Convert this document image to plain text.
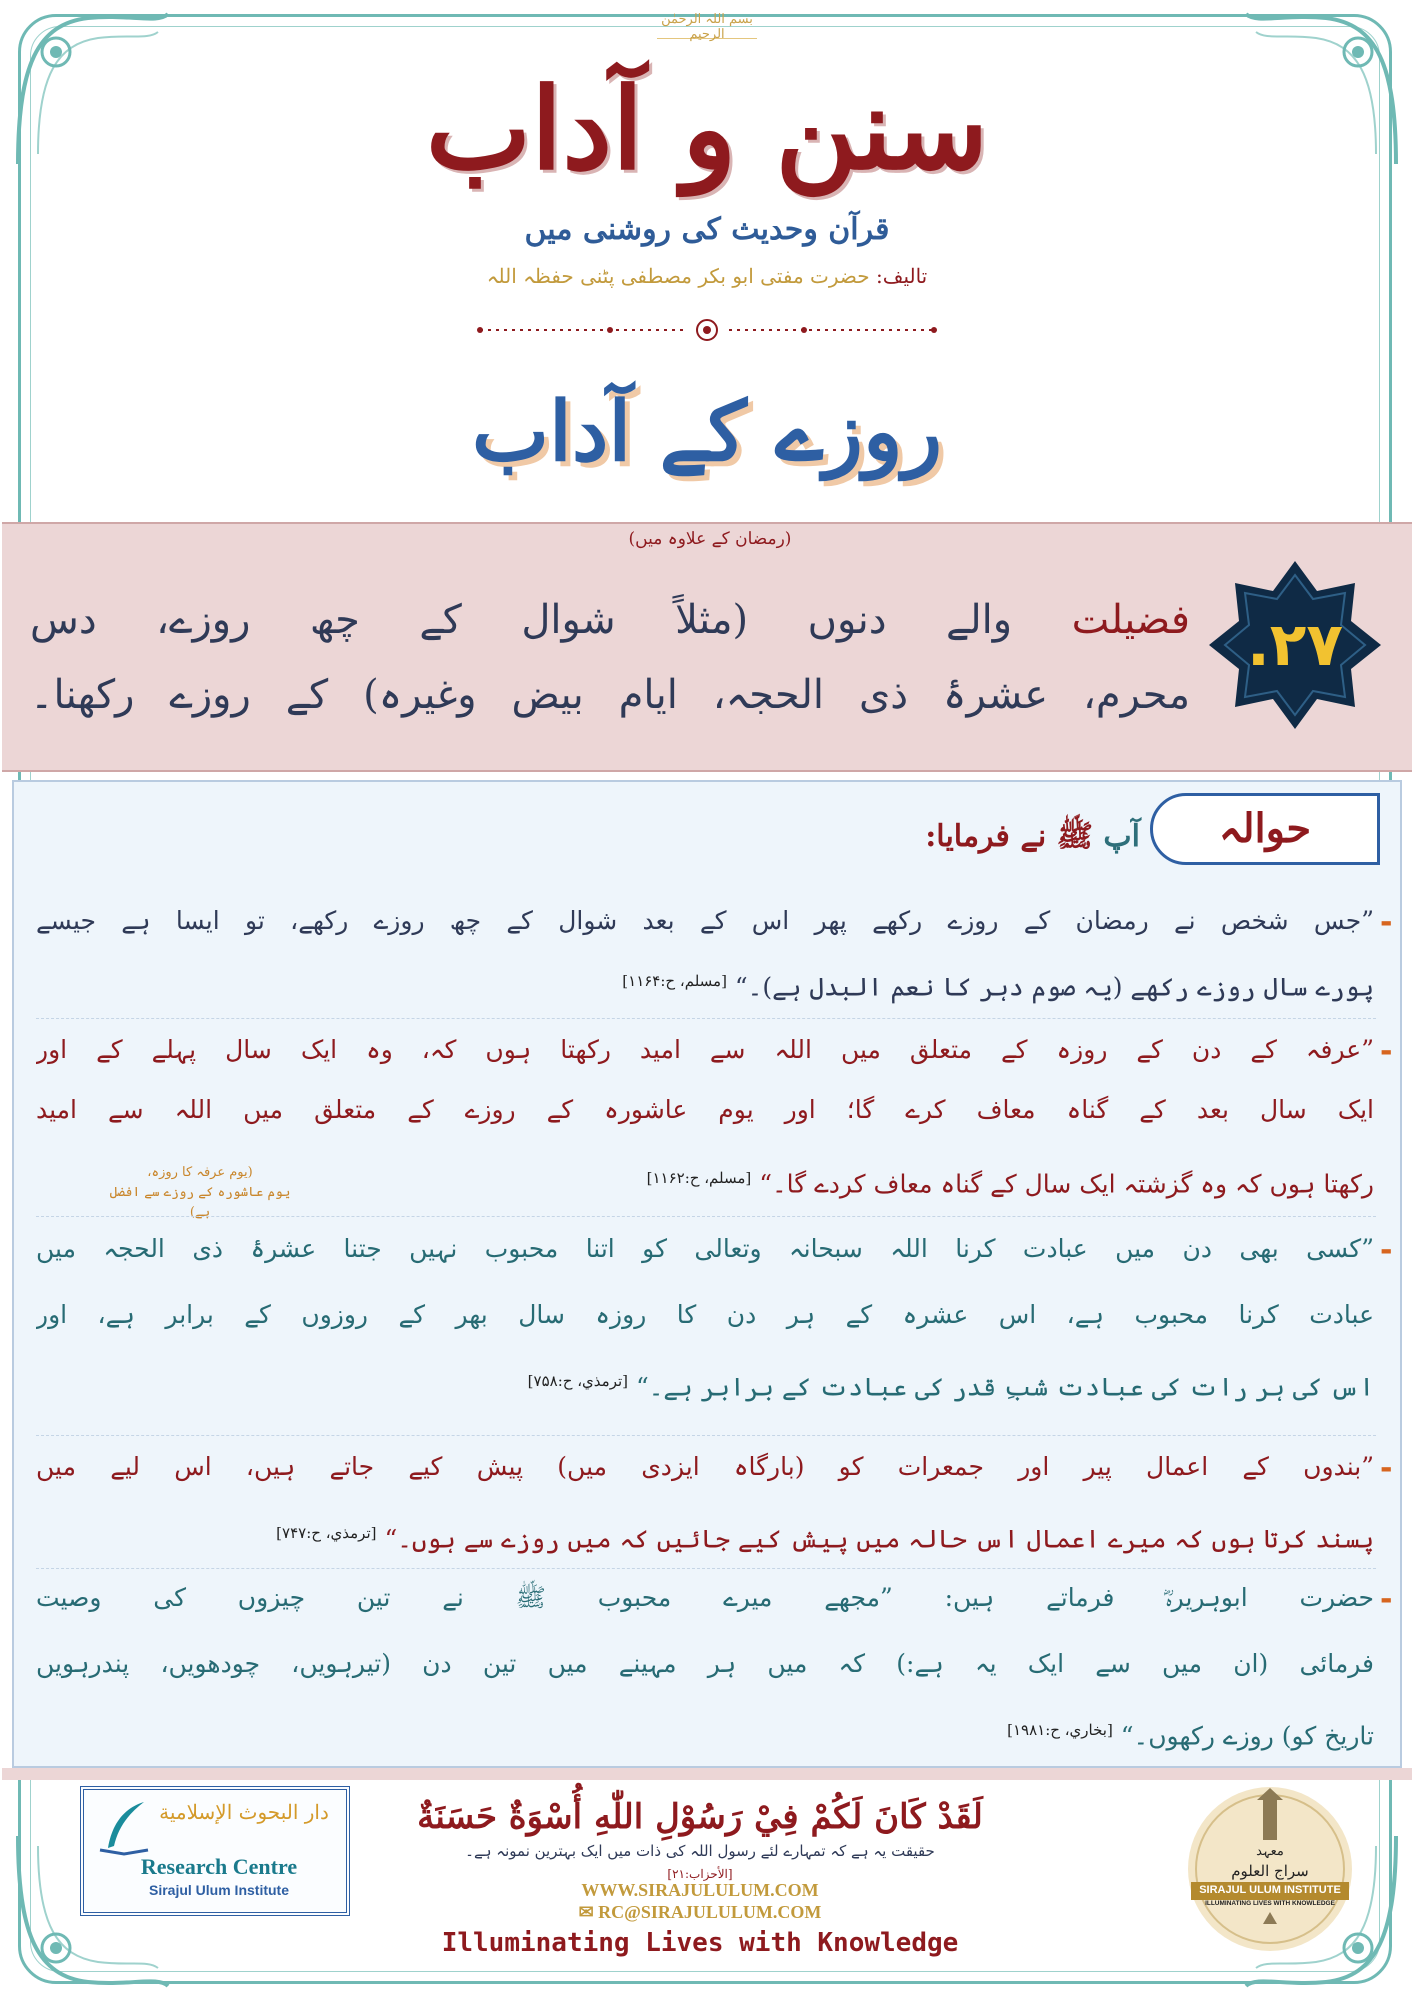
بسم اللہ الرحمٰن الرحیم
سنن و آداب
قرآن وحدیث کی روشنی میں
تالیف: حضرت مفتی ابو بکر مصطفی پٹنی حفظہ اللہ
روزے کے آداب
(رمضان کے علاوہ میں)
۲۷.
فضیلت والے دنوں (مثلاً شوال کے چھ روزے، دس
محرم، عشرۂ ذی الحجہ، ایام بیض وغیرہ) کے روزے رکھنا۔
حوالہ
آپ ﷺ نے فرمایا:
-
”جس شخص نے رمضان کے روزے رکھے پھر اس کے بعد شوال کے چھ روزے رکھے، تو ایسا ہے جیسے
پورے سال روزے رکھے (یہ صوم دہر کا نعم البدل ہے)۔“ [مسلم، ح:۱۱۶۴]
-
”عرفہ کے دن کے روزہ کے متعلق میں اللہ سے امید رکھتا ہوں کہ، وہ ایک سال پہلے کے اور
ایک سال بعد کے گناہ معاف کرے گا؛ اور یوم عاشورہ کے روزے کے متعلق میں اللہ سے امید
رکھتا ہوں کہ وہ گزشتہ ایک سال کے گناہ معاف کردے گا۔“ [مسلم، ح:۱۱۶۲]
(یوم عرفہ کا روزہ،
یوم عاشورہ کے روزے سے افضل ہے)
-
”کسی بھی دن میں عبادت کرنا اللہ سبحانہ وتعالی کو اتنا محبوب نہیں جتنا عشرۂ ذی الحجہ میں
عبادت کرنا محبوب ہے، اس عشرہ کے ہر دن کا روزہ سال بھر کے روزوں کے برابر ہے، اور
اس کی ہر رات کی عبادت شبِ قدر کی عبادت کے برابر ہے۔“ [ترمذي، ح:۷۵۸]
-
”بندوں کے اعمال پیر اور جمعرات کو (بارگاہ ایزدی میں) پیش کیے جاتے ہیں، اس لیے میں
پسند کرتا ہوں کہ میرے اعمال اس حالہ میں پیش کیے جائیں کہ میں روزے سے ہوں۔“ [ترمذي، ح:۷۴۷]
-
حضرت ابوہریرہؓ فرماتے ہیں: ”مجھے میرے محبوب ﷺ نے تین چیزوں کی وصیت
فرمائی (ان میں سے ایک یہ ہے:) کہ میں ہر مہینے میں تین دن (تیرہویں، چودھویں، پندرہویں
تاریخ کو) روزے رکھوں۔“ [بخاري، ح:۱۹۸۱]
دار البحوث الإسلامية
Research Centre
Sirajul Ulum Institute
لَقَدْ كَانَ لَكُمْ فِيْ رَسُوْلِ اللّٰهِ أُسْوَةٌ حَسَنَةٌ [الأحزاب:۲۱]
حقیقت یہ ہے کہ تمہارے لئے رسول اللہ کی ذات میں ایک بہترین نمونہ ہے۔
WWW.SIRAJULULUM.COM
✉ RC@SIRAJULULUM.COM
Illuminating Lives with Knowledge
معہد
سراج العلوم
SIRAJUL ULUM INSTITUTE
ILLUMINATING LIVES WITH KNOWLEDGE
